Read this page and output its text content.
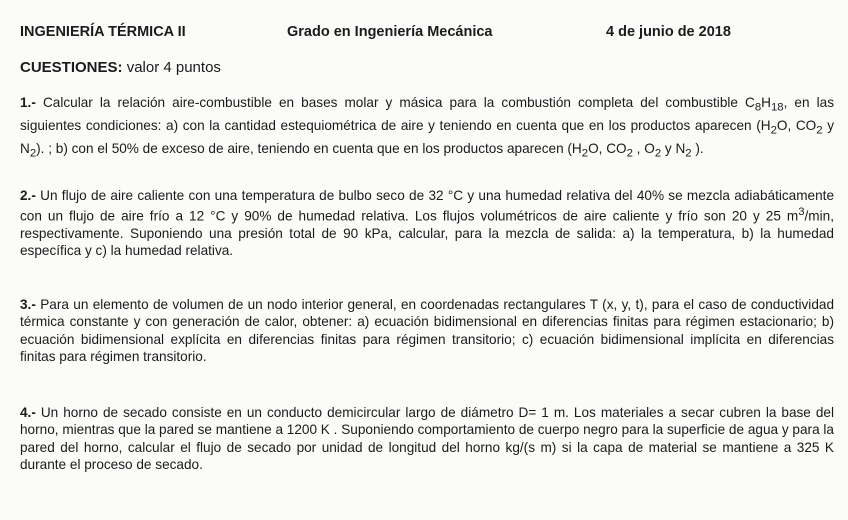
INGENIERÍA TÉRMICA II	Grado en Ingeniería Mecánica	4 de junio de 2018
CUESTIONES: valor 4 puntos
1.- Calcular la relación aire-combustible en bases molar y másica para la combustión completa del combustible $C_8H_{18}$, en las siguientes condiciones: a) con la cantidad estequiométrica de aire y teniendo en cuenta que en los productos aparecen ($H_2O$, $CO_2$ y $N_2$). ; b) con el 50% de exceso de aire, teniendo en cuenta que en los productos aparecen ($H_2O$, $CO_2$ , $O_2$ y $N_2$ ).
2.- Un flujo de aire caliente con una temperatura de bulbo seco de 32 °C y una humedad relativa del 40% se mezcla adiabáticamente con un flujo de aire frío a 12 °C y 90% de humedad relativa. Los flujos volumétricos de aire caliente y frío son 20 y 25 $m^3/\min$, respectivamente. Suponiendo una presión total de 90 kPa, calcular, para la mezcla de salida: a) la temperatura, b) la humedad específica y c) la humedad relativa.
3.- Para un elemento de volumen de un nodo interior general, en coordenadas rectangulares T (x, y, t), para el caso de conductividad térmica constante y con generación de calor, obtener: a) ecuación bidimensional en diferencias finitas para régimen estacionario; b) ecuación bidimensional explícita en diferencias finitas para régimen transitorio; c) ecuación bidimensional implícita en diferencias finitas para régimen transitorio.
4.- Un horno de secado consiste en un conducto demicircular largo de diámetro D= 1 m. Los materiales a secar cubren la base del horno, mientras que la pared se mantiene a 1200 K . Suponiendo comportamiento de cuerpo negro para la superficie de agua y para la pared del horno, calcular el flujo de secado por unidad de longitud del horno kg/(s m) si la capa de material se mantiene a 325 K durante el proceso de secado.
